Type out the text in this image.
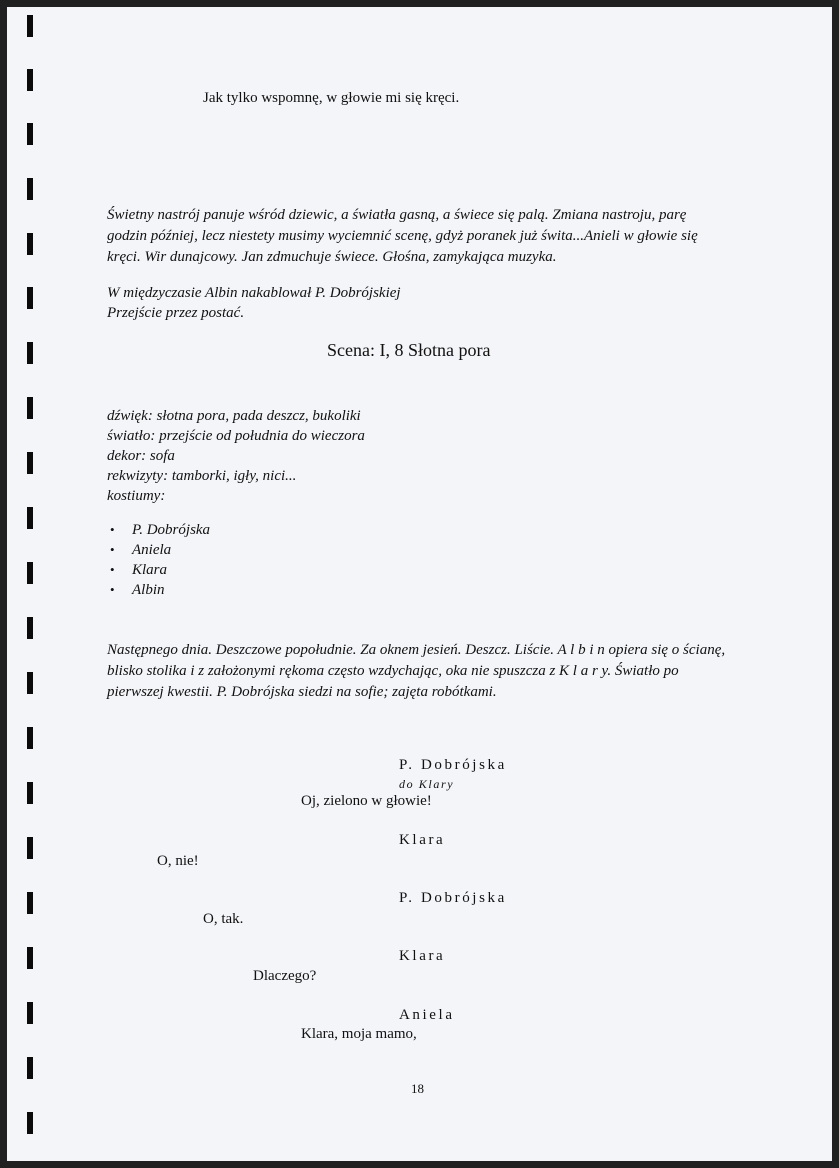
Jak tylko wspomnę, w głowie mi się kręci.
Świetny nastrój panuje wśród dziewic, a światła gasną, a świece się palą. Zmiana nastroju, parę godzin później, lecz niestety musimy wyciemnić scenę, gdyż poranek już świta...Anieli w głowie się kręci. Wir dunajcowy. Jan zdmuchuje świece. Głośna, zamykająca muzyka.
W międzyczasie Albin nakablował P. Dobrójskiej
Przejście przez postać.
Scena: I, 8 Słotna pora
dźwięk: słotna pora, pada deszcz, bukoliki
światło: przejście od południa do wieczora
dekor: sofa
rekwizyty: tamborki, igły, nici...
kostiumy:
• P. Dobrójska
• Aniela
• Klara
• Albin
Następnego dnia. Deszczowe popołudnie. Za oknem jesień. Deszcz. Liście. A l b i n opiera się o ścianę, blisko stolika i z założonymi rękoma często wzdychając, oka nie spuszcza z K l a r y. Światło po pierwszej kwestii. P. Dobrójska siedzi na sofie; zajęta robótkami.
P. Dobrójska
do Klary
Oj, zielono w głowie!
Klara
O, nie!
P. Dobrójska
O, tak.
Klara
Dlaczego?
Aniela
Klara, moja mamo,
18
